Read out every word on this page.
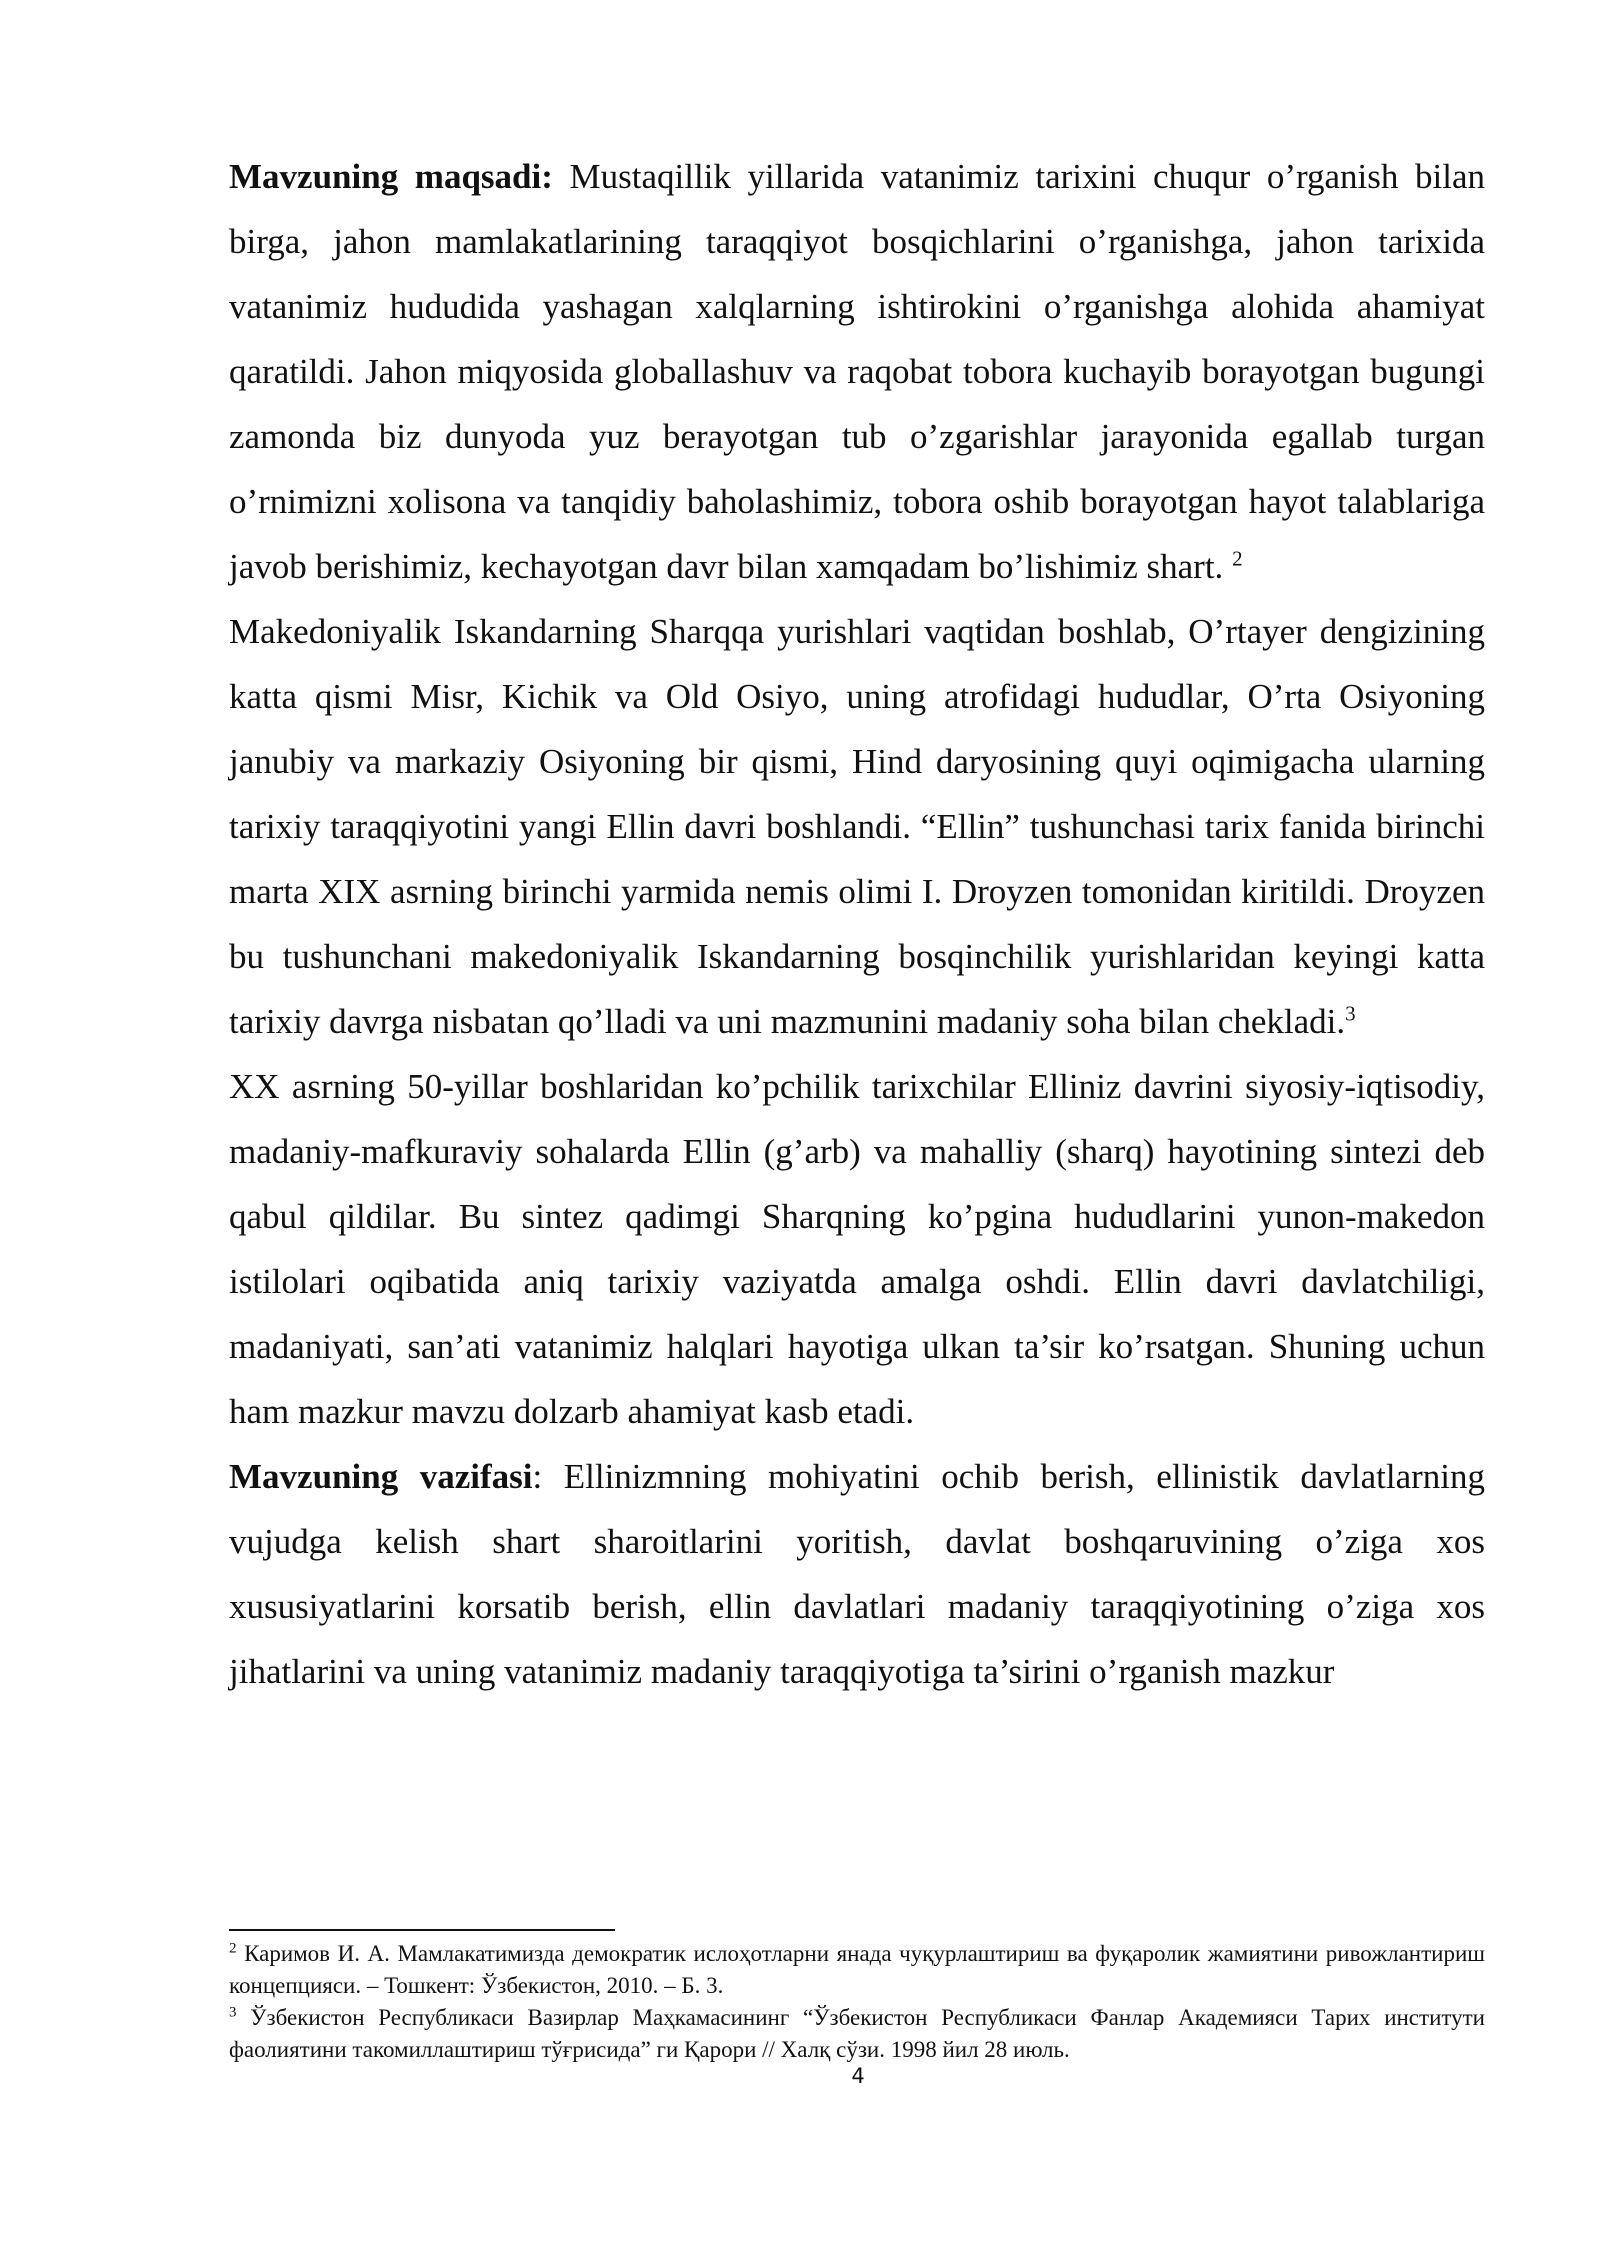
Mavzuning maqsadi: Mustaqillik yillarida vatanimiz tarixini chuqur o’rganish bilan birga, jahon mamlakatlarining taraqqiyot bosqichlarini o’rganishga, jahon tarixida vatanimiz hududida yashagan xalqlarning ishtirokini o’rganishga alohida ahamiyat qaratildi. Jahon miqyosida globallashuv va raqobat tobora kuchayib borayotgan bugungi zamonda biz dunyoda yuz berayotgan tub o’zgarishlar jarayonida egallab turgan o’rnimizni xolisona va tanqidiy baholashimiz, tobora oshib borayotgan hayot talablariga javob berishimiz, kechayotgan davr bilan xamqadam bo’lishimiz shart. $^2$

Makedoniyalik Iskandarning Sharqqa yurishlari vaqtidan boshlab, O’rtayer dengizining katta qismi Misr, Kichik va Old Osiyo, uning atrofidagi hududlar, O’rta Osiyoning janubiy va markaziy Osiyoning bir qismi, Hind daryosining quyi oqimigacha ularning tarixiy taraqqiyotini yangi Ellin davri boshlandi. “Ellin” tushunchasi tarix fanida birinchi marta XIX asrning birinchi yarmida nemis olimi I. Droyzen tomonidan kiritildi. Droyzen bu tushunchani makedoniyalik Iskandarning bosqinchilik yurishlaridan keyingi katta tarixiy davrga nisbatan qo’lladi va uni mazmunini madaniy soha bilan chekladi.$^3$

XX asrning 50-yillar boshlaridan ko’pchilik tarixchilar Elliniz davrini siyosiy-iqtisodiy, madaniy-mafkuraviy sohalarda Ellin (g’arb) va mahalliy (sharq) hayotining sintezi deb qabul qildilar. Bu sintez qadimgi Sharqning ko’pgina hududlarini yunon-makedon istilolari oqibatida aniq tarixiy vaziyatda amalga oshdi. Ellin davri davlatchiligi, madaniyati, san’ati vatanimiz halqlari hayotiga ulkan ta’sir ko’rsatgan. Shuning uchun ham mazkur mavzu dolzarb ahamiyat kasb etadi.

Mavzuning vazifasi: Ellinizmning mohiyatini ochib berish, ellinistik davlatlarning vujudga kelish shart sharoitlarini yoritish, davlat boshqaruvining o’ziga xos xususiyatlarini korsatib berish, ellin davlatlari madaniy taraqqiyotining o’ziga xos jihatlarini va uning vatanimiz madaniy taraqqiyotiga ta’sirini o’rganish mazkur

$^2$ Каримов И. А. Мамлакатимизда демократик ислоҳотларни янада чуқурлаштириш ва фуқаролик жамиятини ривожлантириш концепцияси. – Тошкент: Ўзбекистон, 2010. – Б. 3.

$^3$ Ўзбекистон Республикаси Вазирлар Маҳкамасининг “Ўзбекистон Республикаси Фанлар Академияси Тарих институти фаолиятини такомиллаштириш тўғрисида” ги Қарори // Халқ сўзи. 1998 йил 28 июль.

4
